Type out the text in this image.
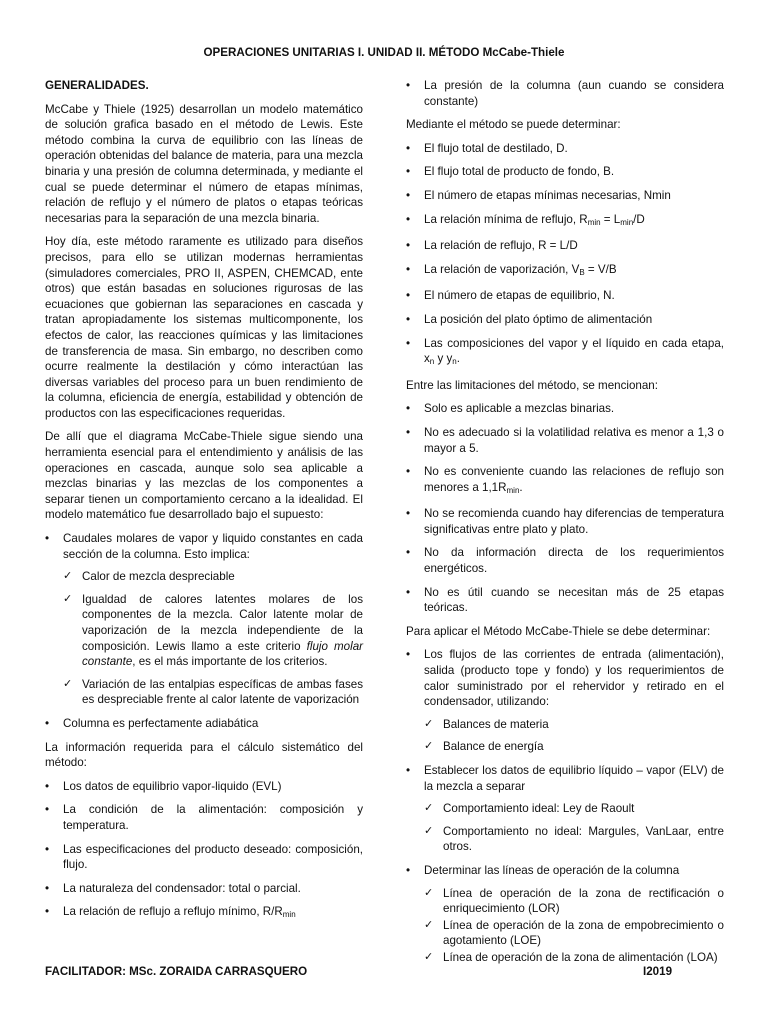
OPERACIONES UNITARIAS I. UNIDAD II. MÉTODO McCabe-Thiele
GENERALIDADES.

McCabe y Thiele (1925) desarrollan un modelo matemático de solución grafica basado en el método de Lewis. Este método combina la curva de equilibrio con las líneas de operación obtenidas del balance de materia, para una mezcla binaria y una presión de columna determinada, y mediante el cual se puede determinar el número de etapas mínimas, relación de reflujo y el número de platos o etapas teóricas necesarias para la separación de una mezcla binaria.

Hoy día, este método raramente es utilizado para diseños precisos, para ello se utilizan modernas herramientas (simuladores comerciales, PRO II, ASPEN, CHEMCAD, ente otros) que están basadas en soluciones rigurosas de las ecuaciones que gobiernan las separaciones en cascada y tratan apropiadamente los sistemas multicomponente, los efectos de calor, las reacciones químicas y las limitaciones de transferencia de masa. Sin embargo, no describen como ocurre realmente la destilación y cómo interactúan las diversas variables del proceso para un buen rendimiento de la columna, eficiencia de energía, estabilidad y obtención de productos con las especificaciones requeridas.

De allí que el diagrama McCabe-Thiele sigue siendo una herramienta esencial para el entendimiento y análisis de las operaciones en cascada, aunque solo sea aplicable a mezclas binarias y las mezclas de los componentes a separar tienen un comportamiento cercano a la idealidad. El modelo matemático fue desarrollado bajo el supuesto:

• Caudales molares de vapor y liquido constantes en cada sección de la columna. Esto implica:
✓ Calor de mezcla despreciable
✓ Igualdad de calores latentes molares de los componentes de la mezcla. Calor latente molar de vaporización de la mezcla independiente de la composición. Lewis llamo a este criterio flujo molar constante, es el más importante de los criterios.
✓ Variación de las entalpias específicas de ambas fases es despreciable frente al calor latente de vaporización
• Columna es perfectamente adiabática

La información requerida para el cálculo sistemático del método:

• Los datos de equilibrio vapor-liquido (EVL)
• La condición de la alimentación: composición y temperatura.
• Las especificaciones del producto deseado: composición, flujo.
• La naturaleza del condensador: total o parcial.
• La relación de reflujo a reflujo mínimo, $R/R_{min}$
• La presión de la columna (aun cuando se considera constante)

Mediante el método se puede determinar:

• El flujo total de destilado, D.
• El flujo total de producto de fondo, B.
• El número de etapas mínimas necesarias, Nmin
• La relación mínima de reflujo, $R_{min} = L_{min}/D$
• La relación de reflujo, R = L/D
• La relación de vaporización, $V_B = V/B$
• El número de etapas de equilibrio, N.
• La posición del plato óptimo de alimentación
• Las composiciones del vapor y el líquido en cada etapa, $x_n$ y $y_n$.

Entre las limitaciones del método, se mencionan:

• Solo es aplicable a mezclas binarias.
• No es adecuado si la volatilidad relativa es menor a 1,3 o mayor a 5.
• No es conveniente cuando las relaciones de reflujo son menores a $1,1R_{min}$.
• No se recomienda cuando hay diferencias de temperatura significativas entre plato y plato.
• No da información directa de los requerimientos energéticos.
• No es útil cuando se necesitan más de 25 etapas teóricas.

Para aplicar el Método McCabe-Thiele se debe determinar:

• Los flujos de las corrientes de entrada (alimentación), salida (producto tope y fondo) y los requerimientos de calor suministrado por el rehervidor y retirado en el condensador, utilizando:
✓ Balances de materia
✓ Balance de energía
• Establecer los datos de equilibrio líquido – vapor (ELV) de la mezcla a separar
✓ Comportamiento ideal: Ley de Raoult
✓ Comportamiento no ideal: Margules, VanLaar, entre otros.
• Determinar las líneas de operación de la columna
✓ Línea de operación de la zona de rectificación o enriquecimiento (LOR)
✓ Línea de operación de la zona de empobrecimiento o agotamiento (LOE)
✓ Línea de operación de la zona de alimentación (LOA)
FACILITADOR: MSc. ZORAIDA CARRASQUERO	I2019
